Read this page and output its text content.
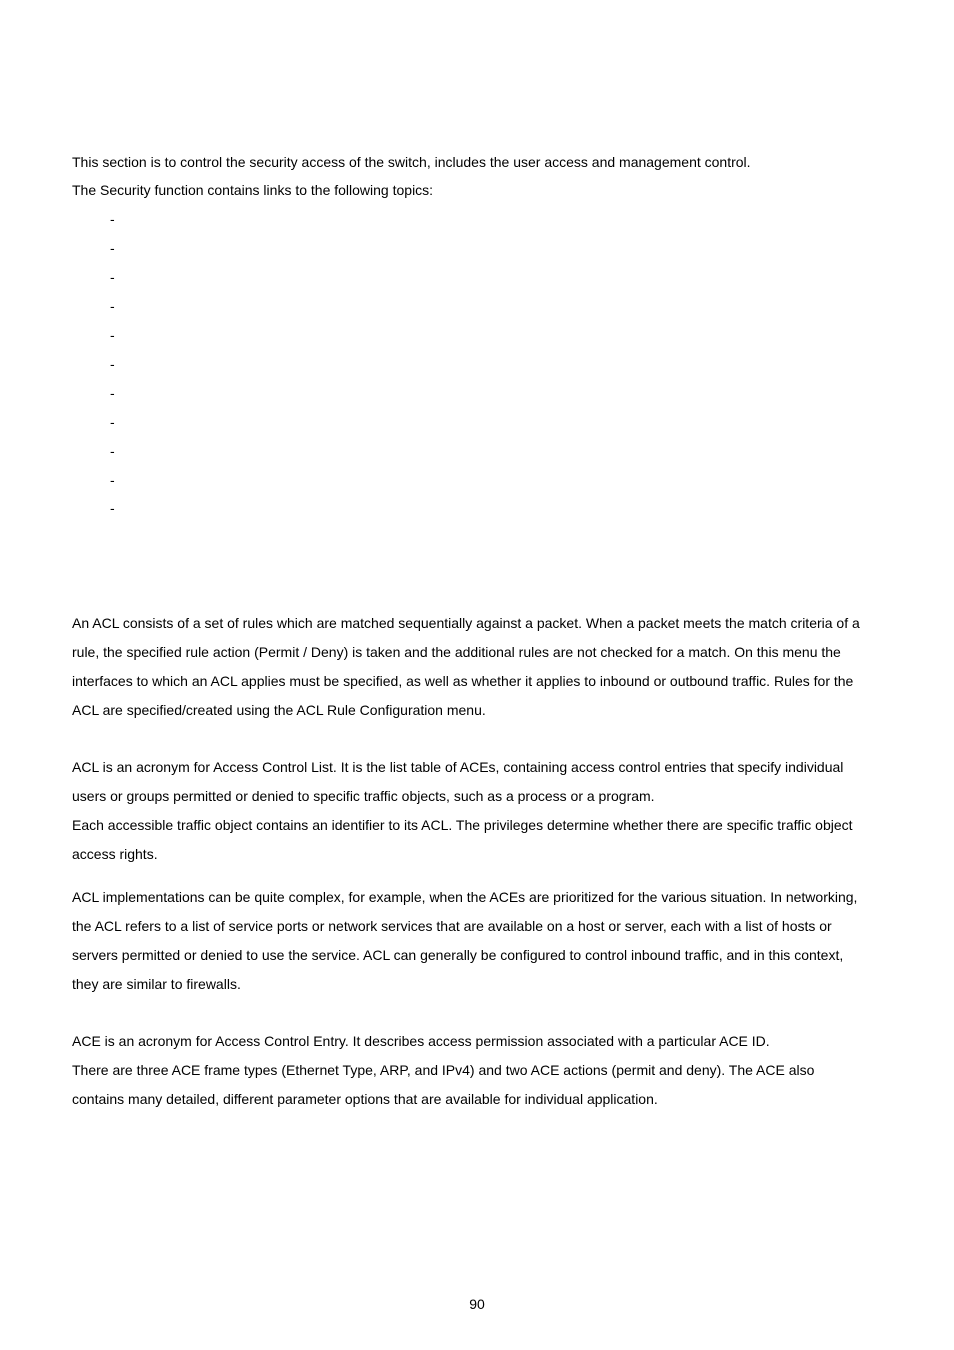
This section is to control the security access of the switch, includes the user access and management control.

The Security function contains links to the following topics:

-
-
-
-
-
-
-
-
-
-
-

An ACL consists of a set of rules which are matched sequentially against a packet. When a packet meets the match criteria of a

rule, the specified rule action (Permit / Deny) is taken and the additional rules are not checked for a match. On this menu the

interfaces to which an ACL applies must be specified, as well as whether it applies to inbound or outbound traffic. Rules for the

ACL are specified/created using the ACL Rule Configuration menu.

ACL is an acronym for Access Control List. It is the list table of ACEs, containing access control entries that specify individual

users or groups permitted or denied to specific traffic objects, such as a process or a program.

Each accessible traffic object contains an identifier to its ACL. The privileges determine whether there are specific traffic object

access rights.

ACL implementations can be quite complex, for example, when the ACEs are prioritized for the various situation. In networking,

the ACL refers to a list of service ports or network services that are available on a host or server, each with a list of hosts or

servers permitted or denied to use the service. ACL can generally be configured to control inbound traffic, and in this context,

they are similar to firewalls.

ACE is an acronym for Access Control Entry. It describes access permission associated with a particular ACE ID.

There are three ACE frame types (Ethernet Type, ARP, and IPv4) and two ACE actions (permit and deny). The ACE also

contains many detailed, different parameter options that are available for individual application.

90
